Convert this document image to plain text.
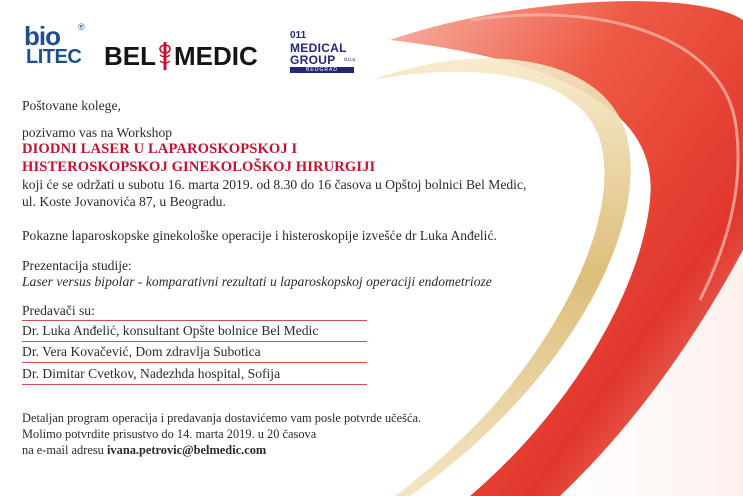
bio
LITEC
®
BEL MEDIC
011
MEDICAL
GROUP d.o.o.
BEOGRAD
Poštovane kolege,
pozivamo vas na Workshop
DIODNI LASER U LAPAROSKOPSKOJ I
HISTEROSKOPSKOJ GINEKOLOŠKOJ HIRURGIJI
koji će se održati u subotu 16. marta 2019. od 8.30 do 16 časova u Opštoj bolnici Bel Medic,
ul. Koste Jovanovića 87, u Beogradu.
Pokazne laparoskopske ginekološke operacije i histeroskopije izvešće dr Luka Anđelić.
Prezentacija studije:
Laser versus bipolar - komparativni rezultati u laparoskopskoj operaciji endometrioze
Predavači su:
Dr. Luka Anđelić, konsultant Opšte bolnice Bel Medic
Dr. Vera Kovačević, Dom zdravlja Subotica
Dr. Dimitar Cvetkov, Nadezhda hospital, Sofija
Detaljan program operacija i predavanja dostavićemo vam posle potvrde učešća.
Molimo potvrdite prisustvo do 14. marta 2019. u 20 časova
na e-mail adresu ivana.petrovic@belmedic.com
